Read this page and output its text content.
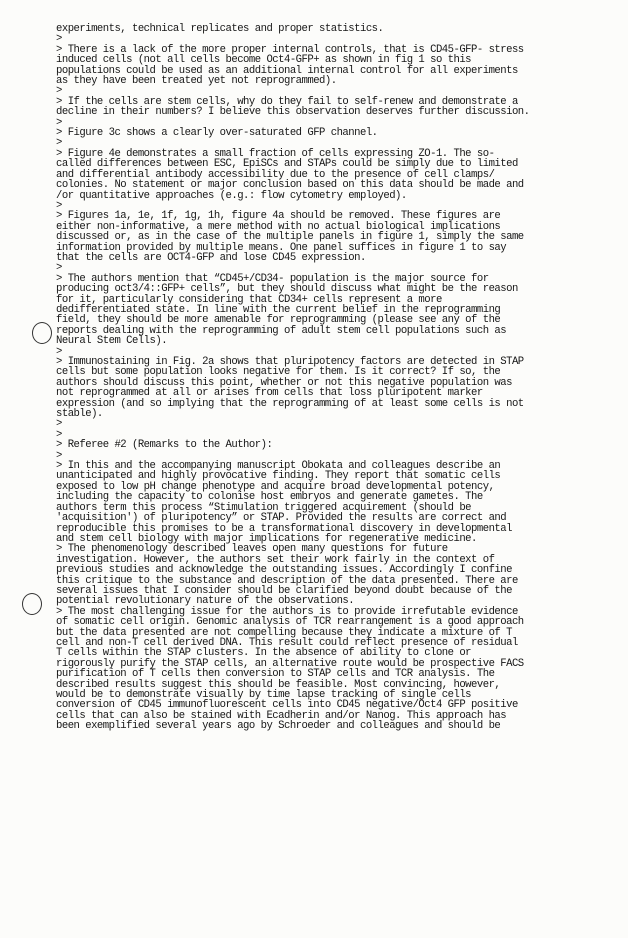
experiments, technical replicates and proper statistics.
>
> There is a lack of the more proper internal controls, that is CD45-GFP- stress
induced cells (not all cells become Oct4-GFP+ as shown in fig 1 so this
populations could be used as an additional internal control for all experiments
as they have been treated yet not reprogrammed).
>
> If the cells are stem cells, why do they fail to self-renew and demonstrate a
decline in their numbers? I believe this observation deserves further discussion.
>
> Figure 3c shows a clearly over-saturated GFP channel.
>
> Figure 4e demonstrates a small fraction of cells expressing ZO-1. The so-
called differences between ESC, EpiSCs and STAPs could be simply due to limited
and differential antibody accessibility due to the presence of cell clamps/
colonies. No statement or major conclusion based on this data should be made and
/or quantitative approaches (e.g.: flow cytometry employed).
>
> Figures 1a, 1e, 1f, 1g, 1h, figure 4a should be removed. These figures are
either non-informative, a mere method with no actual biological implications
discussed or, as in the case of the multiple panels in figure 1, simply the same
information provided by multiple means. One panel suffices in figure 1 to say
that the cells are OCT4-GFP and lose CD45 expression.
>
> The authors mention that “CD45+/CD34- population is the major source for
producing oct3/4::GFP+ cells”, but they should discuss what might be the reason
for it, particularly considering that CD34+ cells represent a more
dedifferentiated state. In line with the current belief in the reprogramming
field, they should be more amenable for reprogramming (please see any of the
reports dealing with the reprogramming of adult stem cell populations such as
Neural Stem Cells).
>
> Immunostaining in Fig. 2a shows that pluripotency factors are detected in STAP
cells but some population looks negative for them. Is it correct? If so, the
authors should discuss this point, whether or not this negative population was
not reprogrammed at all or arises from cells that loss pluripotent marker
expression (and so implying that the reprogramming of at least some cells is not
stable).
>
>
> Referee #2 (Remarks to the Author):
>
> In this and the accompanying manuscript Obokata and colleagues describe an
unanticipated and highly provocative finding. They report that somatic cells
exposed to low pH change phenotype and acquire broad developmental potency,
including the capacity to colonise host embryos and generate gametes. The
authors term this process “Stimulation triggered acquirement (should be
'acquisition') of pluripotency” or STAP. Provided the results are correct and
reproducible this promises to be a transformational discovery in developmental
and stem cell biology with major implications for regenerative medicine.
> The phenomenology described leaves open many questions for future
investigation. However, the authors set their work fairly in the context of
previous studies and acknowledge the outstanding issues. Accordingly I confine
this critique to the substance and description of the data presented. There are
several issues that I consider should be clarified beyond doubt because of the
potential revolutionary nature of the observations.
> The most challenging issue for the authors is to provide irrefutable evidence
of somatic cell origin. Genomic analysis of TCR rearrangement is a good approach
but the data presented are not compelling because they indicate a mixture of T
cell and non-T cell derived DNA. This result could reflect presence of residual
T cells within the STAP clusters. In the absence of ability to clone or
rigorously purify the STAP cells, an alternative route would be prospective FACS
purification of T cells then conversion to STAP cells and TCR analysis. The
described results suggest this should be feasible. Most convincing, however,
would be to demonstrate visually by time lapse tracking of single cells
conversion of CD45 immunofluorescent cells into CD45 negative/Oct4 GFP positive
cells that can also be stained with Ecadherin and/or Nanog. This approach has
been exemplified several years ago by Schroeder and colleagues and should be
